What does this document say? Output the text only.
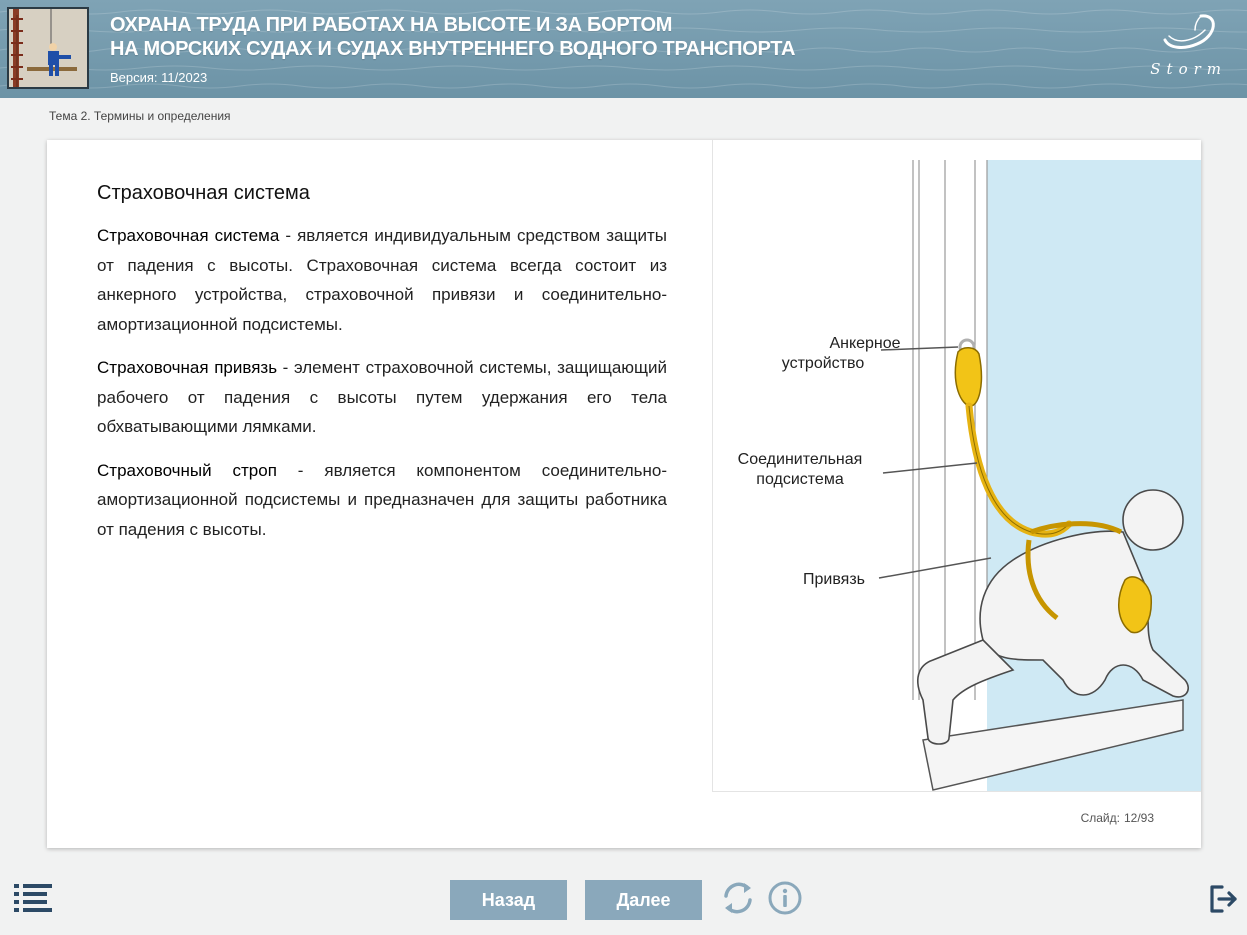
ОХРАНА ТРУДА ПРИ РАБОТАХ НА ВЫСОТЕ И ЗА БОРТОМ
НА МОРСКИХ СУДАХ И СУДАХ ВНУТРЕННЕГО ВОДНОГО ТРАНСПОРТА
Версия: 11/2023	Storm
Тема 2. Термины и определения
Страховочная система

Страховочная система - является индивидуальным средством защиты от падения с высоты. Страховочная система всегда состоит из анкерного устройства, страховочной привязи и соединительно-амортизационной подсистемы.

Страховочная привязь - элемент страховочной системы, защищающий рабочего от падения с высоты путем удержания его тела обхватывающими лямками.

Страховочный строп - является компонентом соединительно-амортизационной подсистемы и предназначен для защиты работника от падения с высоты.

Анкерное
устройство
Соединительная
подсистема
Привязь
Слайд: 12/93
Назад	Далее
